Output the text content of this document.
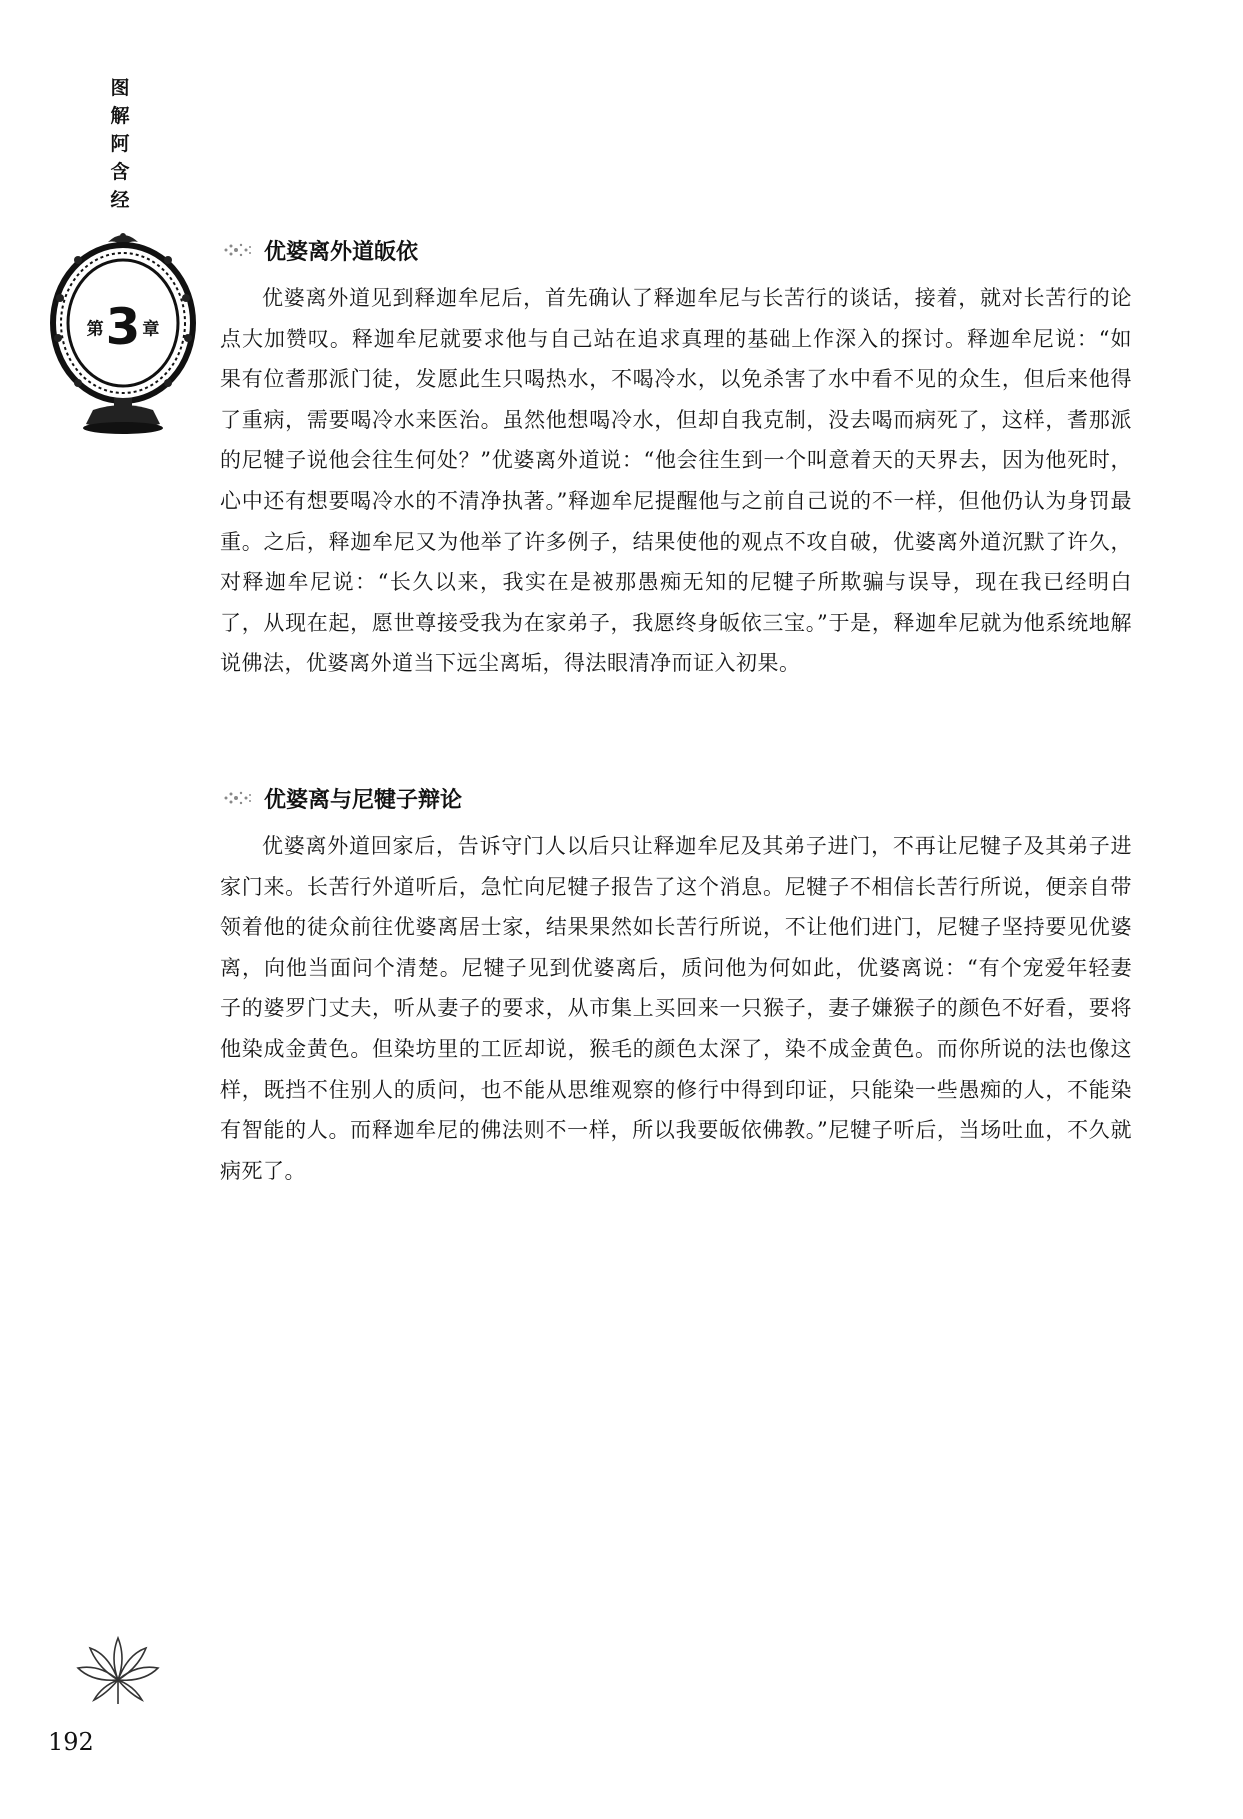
图
解
阿
含
经
第3 章
优婆离外道皈依

优婆离外道见到释迦牟尼后，首先确认了释迦牟尼与长苦行的谈话，接着，就对长苦行的论点大加赞叹。释迦牟尼就要求他与自己站在追求真理的基础上作深入的探讨。释迦牟尼说：“如果有位耆那派门徒，发愿此生只喝热水，不喝冷水，以免杀害了水中看不见的众生，但后来他得了重病，需要喝冷水来医治。虽然他想喝冷水，但却自我克制，没去喝而病死了，这样，耆那派的尼犍子说他会往生何处？”优婆离外道说：“他会往生到一个叫意着天的天界去，因为他死时，心中还有想要喝冷水的不清净执著。”释迦牟尼提醒他与之前自己说的不一样，但他仍认为身罚最重。之后，释迦牟尼又为他举了许多例子，结果使他的观点不攻自破，优婆离外道沉默了许久，对释迦牟尼说：“长久以来，我实在是被那愚痴无知的尼犍子所欺骗与误导，现在我已经明白了，从现在起，愿世尊接受我为在家弟子，我愿终身皈依三宝。”于是，释迦牟尼就为他系统地解说佛法，优婆离外道当下远尘离垢，得法眼清净而证入初果。

优婆离与尼犍子辩论

优婆离外道回家后，告诉守门人以后只让释迦牟尼及其弟子进门，不再让尼犍子及其弟子进家门来。长苦行外道听后，急忙向尼犍子报告了这个消息。尼犍子不相信长苦行所说，便亲自带领着他的徒众前往优婆离居士家，结果果然如长苦行所说，不让他们进门，尼犍子坚持要见优婆离，向他当面问个清楚。尼犍子见到优婆离后，质问他为何如此，优婆离说：“有个宠爱年轻妻子的婆罗门丈夫，听从妻子的要求，从市集上买回来一只猴子，妻子嫌猴子的颜色不好看，要将他染成金黄色。但染坊里的工匠却说，猴毛的颜色太深了，染不成金黄色。而你所说的法也像这样，既挡不住别人的质问，也不能从思维观察的修行中得到印证，只能染一些愚痴的人，不能染有智能的人。而释迦牟尼的佛法则不一样，所以我要皈依佛教。”尼犍子听后，当场吐血，不久就病死了。

192
